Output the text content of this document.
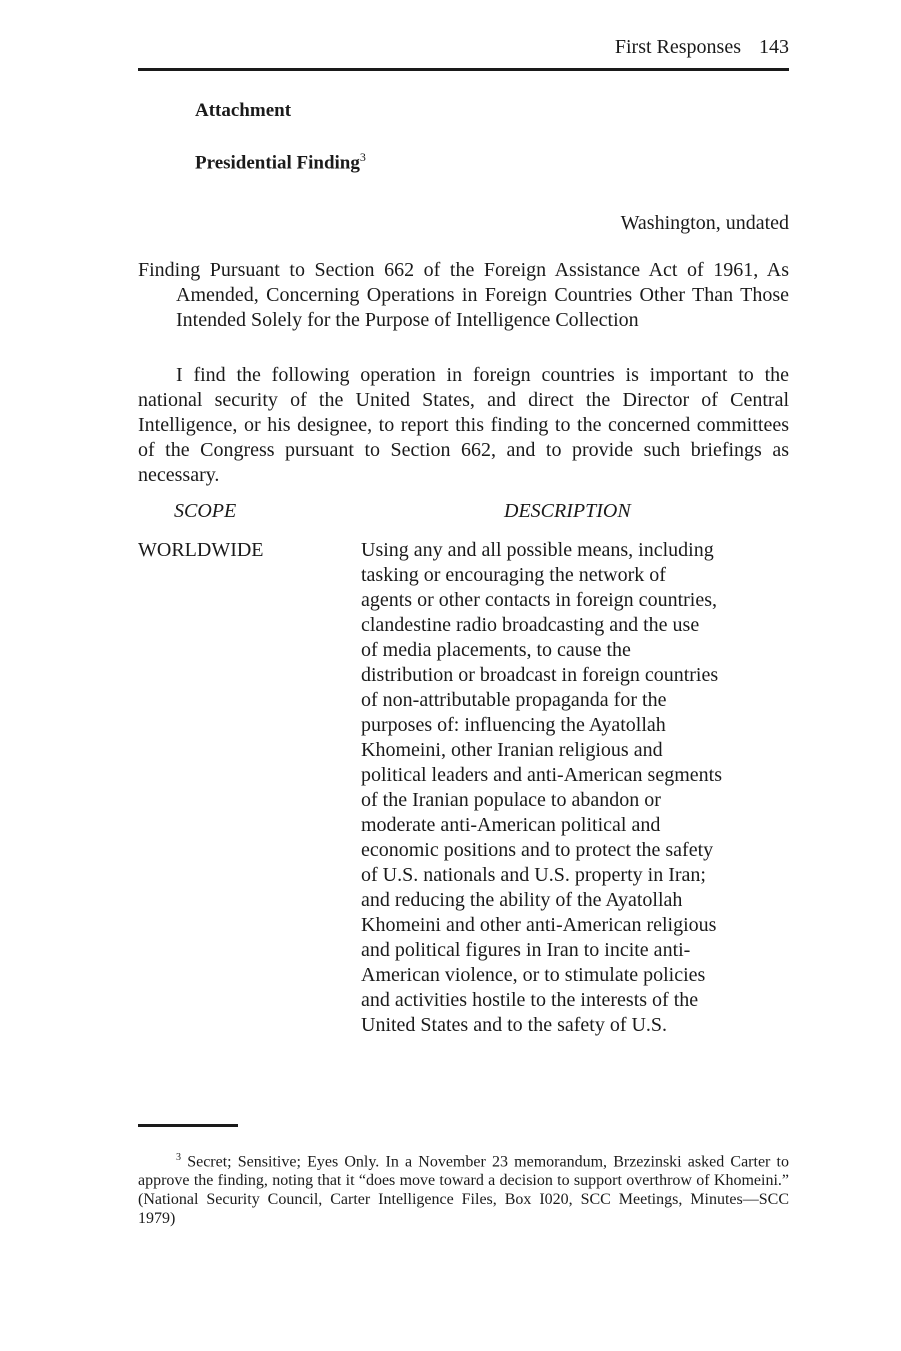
First Responses 143
Attachment
Presidential Finding$^3$
Washington, undated
Finding Pursuant to Section 662 of the Foreign Assistance Act of 1961, As Amended, Concerning Operations in Foreign Countries Other Than Those Intended Solely for the Purpose of Intelligence Collection
I find the following operation in foreign countries is important to the national security of the United States, and direct the Director of Central Intelligence, or his designee, to report this finding to the concerned committees of the Congress pursuant to Section 662, and to provide such briefings as necessary.
SCOPE	DESCRIPTION
WORLDWIDE	Using any and all possible means, including
tasking or encouraging the network of
agents or other contacts in foreign countries,
clandestine radio broadcasting and the use
of media placements, to cause the
distribution or broadcast in foreign countries
of non-attributable propaganda for the
purposes of: influencing the Ayatollah
Khomeini, other Iranian religious and
political leaders and anti-American segments
of the Iranian populace to abandon or
moderate anti-American political and
economic positions and to protect the safety
of U.S. nationals and U.S. property in Iran;
and reducing the ability of the Ayatollah
Khomeini and other anti-American religious
and political figures in Iran to incite anti-
American violence, or to stimulate policies
and activities hostile to the interests of the
United States and to the safety of U.S.
$^3$ Secret; Sensitive; Eyes Only. In a November 23 memorandum, Brzezinski asked Carter to approve the finding, noting that it “does move toward a decision to support overthrow of Khomeini.” (National Security Council, Carter Intelligence Files, Box I020, SCC Meetings, Minutes—SCC 1979)
